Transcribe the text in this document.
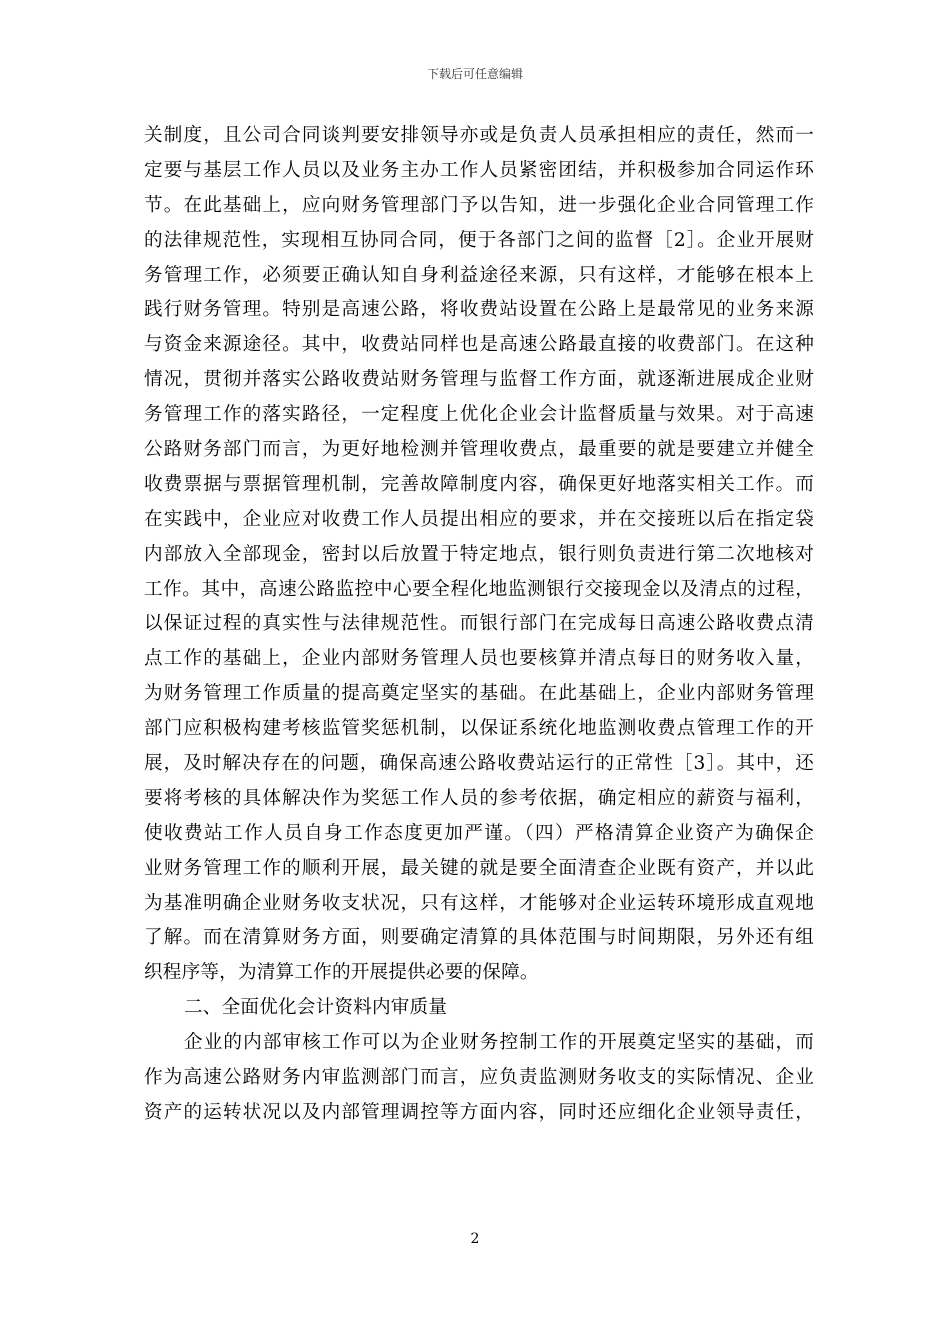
下载后可任意编辑
关制度，且公司合同谈判要安排领导亦或是负责人员承担相应的责任，然而一
定要与基层工作人员以及业务主办工作人员紧密团结，并积极参加合同运作环
节。在此基础上，应向财务管理部门予以告知，进一步强化企业合同管理工作
的法律规范性，实现相互协同合同，便于各部门之间的监督［2］。企业开展财
务管理工作，必须要正确认知自身利益途径来源，只有这样，才能够在根本上
践行财务管理。特别是高速公路，将收费站设置在公路上是最常见的业务来源
与资金来源途径。其中，收费站同样也是高速公路最直接的收费部门。在这种
情况，贯彻并落实公路收费站财务管理与监督工作方面，就逐渐进展成企业财
务管理工作的落实路径，一定程度上优化企业会计监督质量与效果。对于高速
公路财务部门而言，为更好地检测并管理收费点，最重要的就是要建立并健全
收费票据与票据管理机制，完善故障制度内容，确保更好地落实相关工作。而
在实践中，企业应对收费工作人员提出相应的要求，并在交接班以后在指定袋
内部放入全部现金，密封以后放置于特定地点，银行则负责进行第二次地核对
工作。其中，高速公路监控中心要全程化地监测银行交接现金以及清点的过程，
以保证过程的真实性与法律规范性。而银行部门在完成每日高速公路收费点清
点工作的基础上，企业内部财务管理人员也要核算并清点每日的财务收入量，
为财务管理工作质量的提高奠定坚实的基础。在此基础上，企业内部财务管理
部门应积极构建考核监管奖惩机制，以保证系统化地监测收费点管理工作的开
展，及时解决存在的问题，确保高速公路收费站运行的正常性［3］。其中，还
要将考核的具体解决作为奖惩工作人员的参考依据，确定相应的薪资与福利，
使收费站工作人员自身工作态度更加严谨。（四）严格清算企业资产为确保企
业财务管理工作的顺利开展，最关键的就是要全面清查企业既有资产，并以此
为基准明确企业财务收支状况，只有这样，才能够对企业运转环境形成直观地
了解。而在清算财务方面，则要确定清算的具体范围与时间期限，另外还有组
织程序等，为清算工作的开展提供必要的保障。
二、全面优化会计资料内审质量
企业的内部审核工作可以为企业财务控制工作的开展奠定坚实的基础，而
作为高速公路财务内审监测部门而言，应负责监测财务收支的实际情况、企业
资产的运转状况以及内部管理调控等方面内容，同时还应细化企业领导责任，
2
